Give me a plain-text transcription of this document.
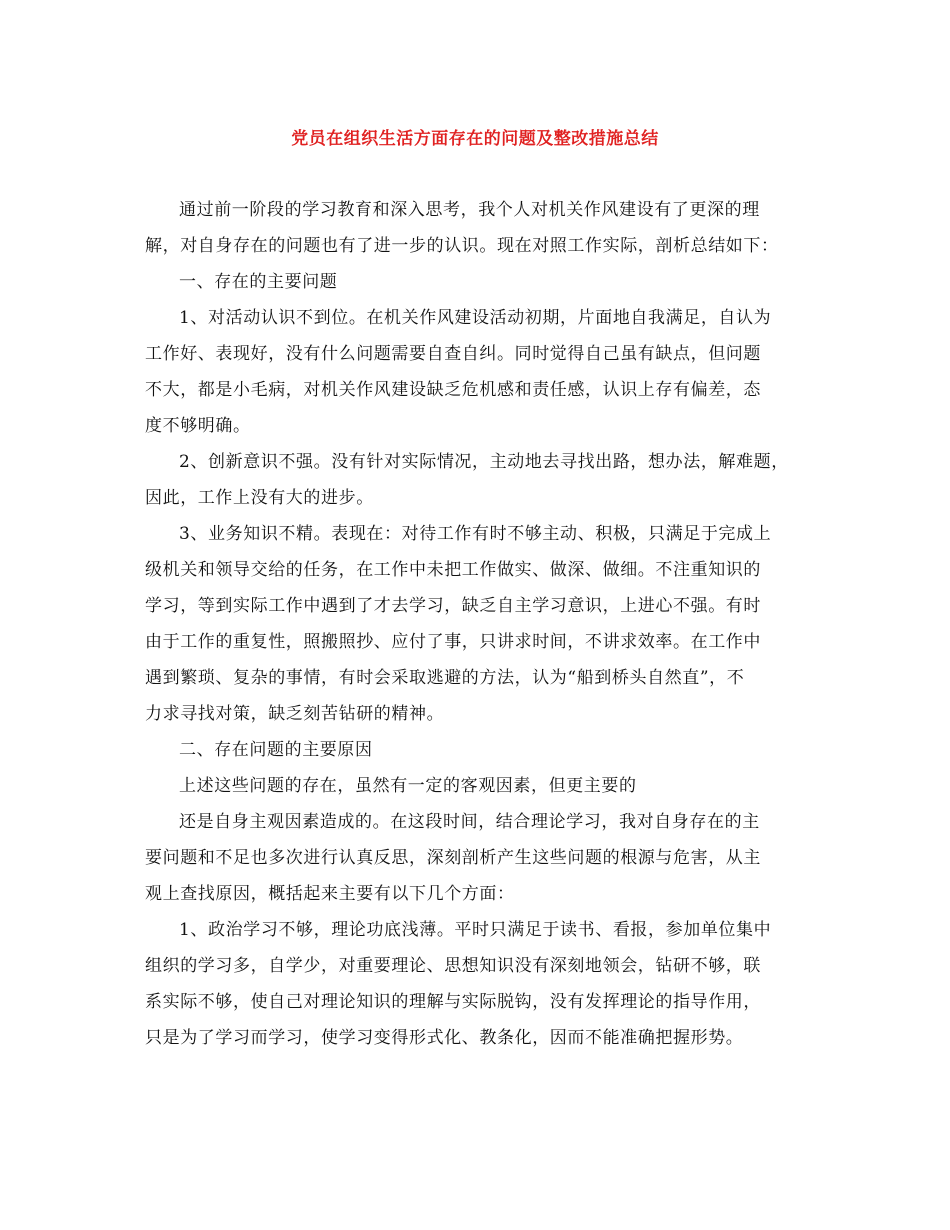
党员在组织生活方面存在的问题及整改措施总结
通过前一阶段的学习教育和深入思考，我个人对机关作风建设有了更深的理
解，对自身存在的问题也有了进一步的认识。现在对照工作实际，剖析总结如下：
一、存在的主要问题
1、对活动认识不到位。在机关作风建设活动初期，片面地自我满足，自认为
工作好、表现好，没有什么问题需要自查自纠。同时觉得自己虽有缺点，但问题
不大，都是小毛病，对机关作风建设缺乏危机感和责任感，认识上存有偏差，态
度不够明确。
2、创新意识不强。没有针对实际情况，主动地去寻找出路，想办法，解难题，
因此，工作上没有大的进步。
3、业务知识不精。表现在：对待工作有时不够主动、积极，只满足于完成上
级机关和领导交给的任务，在工作中未把工作做实、做深、做细。不注重知识的
学习，等到实际工作中遇到了才去学习，缺乏自主学习意识，上进心不强。有时
由于工作的重复性，照搬照抄、应付了事，只讲求时间，不讲求效率。在工作中
遇到繁琐、复杂的事情，有时会采取逃避的方法，认为“船到桥头自然直”，不
力求寻找对策，缺乏刻苦钻研的精神。
二、存在问题的主要原因
上述这些问题的存在，虽然有一定的客观因素，但更主要的
还是自身主观因素造成的。在这段时间，结合理论学习，我对自身存在的主
要问题和不足也多次进行认真反思，深刻剖析产生这些问题的根源与危害，从主
观上查找原因，概括起来主要有以下几个方面：
1、政治学习不够，理论功底浅薄。平时只满足于读书、看报，参加单位集中
组织的学习多，自学少，对重要理论、思想知识没有深刻地领会，钻研不够，联
系实际不够，使自己对理论知识的理解与实际脱钩，没有发挥理论的指导作用，
只是为了学习而学习，使学习变得形式化、教条化，因而不能准确把握形势。
